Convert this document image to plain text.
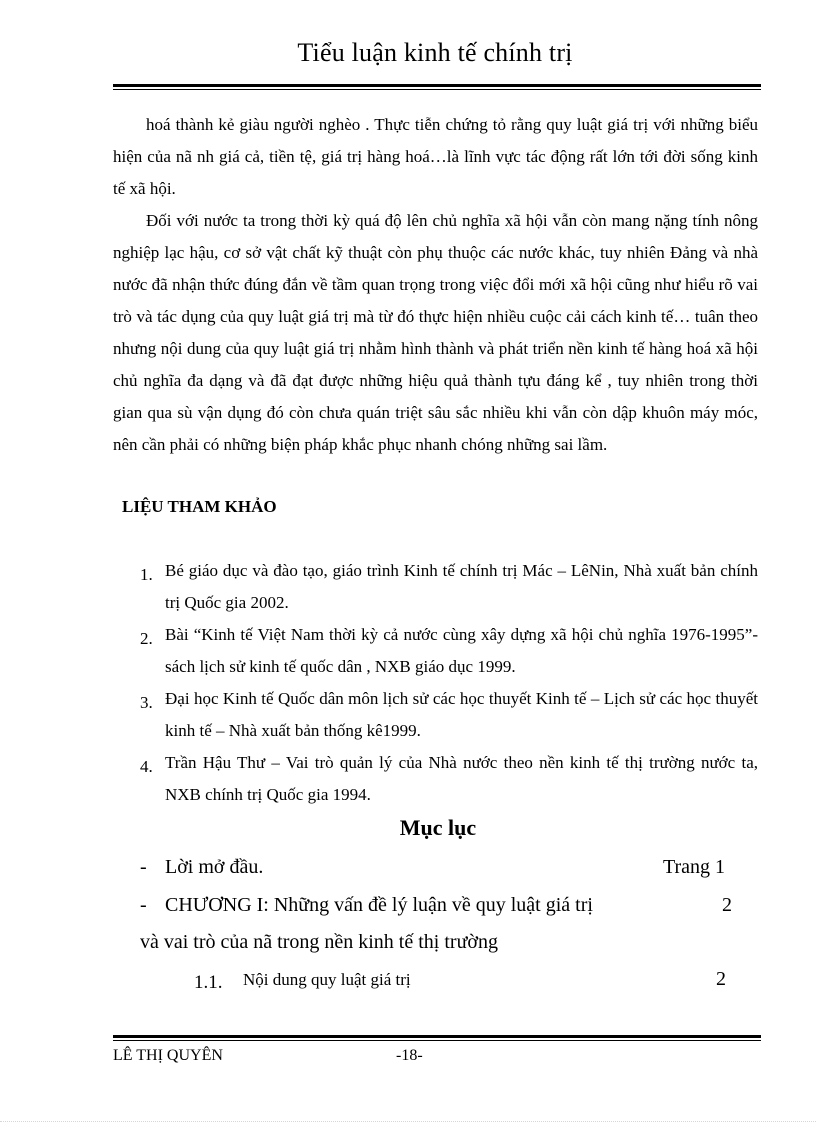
Tiểu luận kinh tế chính trị

hoá thành kẻ giàu người nghèo . Thực tiễn chứng tỏ rằng quy luật giá trị với những biểu hiện của nã nh giá cả, tiền tệ, giá trị hàng hoá…là lĩnh vực tác động rất lớn tới đời sống kinh tế xã hội.

Đối với nước ta trong thời kỳ quá độ lên chủ nghĩa xã hội vẫn còn mang nặng tính nông nghiệp lạc hậu, cơ sở vật chất kỹ thuật còn phụ thuộc các nước khác, tuy nhiên Đảng và nhà nước đã nhận thức đúng đắn về tầm quan trọng trong việc đổi mới xã hội cũng như hiểu rõ vai trò và tác dụng của quy luật giá trị mà từ đó thực hiện nhiều cuộc cải cách kinh tế… tuân theo nhưng nội dung của quy luật giá trị nhằm hình thành và phát triển nền kinh tế hàng hoá xã hội chủ nghĩa đa dạng và đã đạt được những hiệu quả thành tựu đáng kể , tuy nhiên trong thời gian qua sù vận dụng đó còn chưa quán triệt sâu sắc nhiều khi vẫn còn dập khuôn máy móc, nên cần phải có những biện pháp khắc phục nhanh chóng những sai lầm.

LIỆU THAM KHẢO
1. Bé giáo dục và đào tạo, giáo trình Kinh tế chính trị Mác – LêNin, Nhà xuất bản chính trị Quốc gia 2002.

2. Bài “Kinh tế Việt Nam thời kỳ cả nước cùng xây dựng xã hội chủ nghĩa 1976-1995”- sách lịch sử kinh tế quốc dân , NXB giáo dục 1999.

3. Đại học Kinh tế Quốc dân môn lịch sử các học thuyết Kinh tế – Lịch sử các học thuyết kinh tế – Nhà xuất bản thống kê1999.

4. Trần Hậu Thư – Vai trò quản lý của Nhà nước theo nền kinh tế thị trường nước ta, NXB chính trị Quốc gia 1994.

Mục lục
- Lời mở đầu.	Trang 1
- CHƯƠNG I: Những vấn đề lý luận về quy luật giá trị	2
và vai trò của nã trong nền kinh tế thị trường
1.1. Nội dung quy luật giá trị	2
LÊ THỊ QUYÊN	-18-
